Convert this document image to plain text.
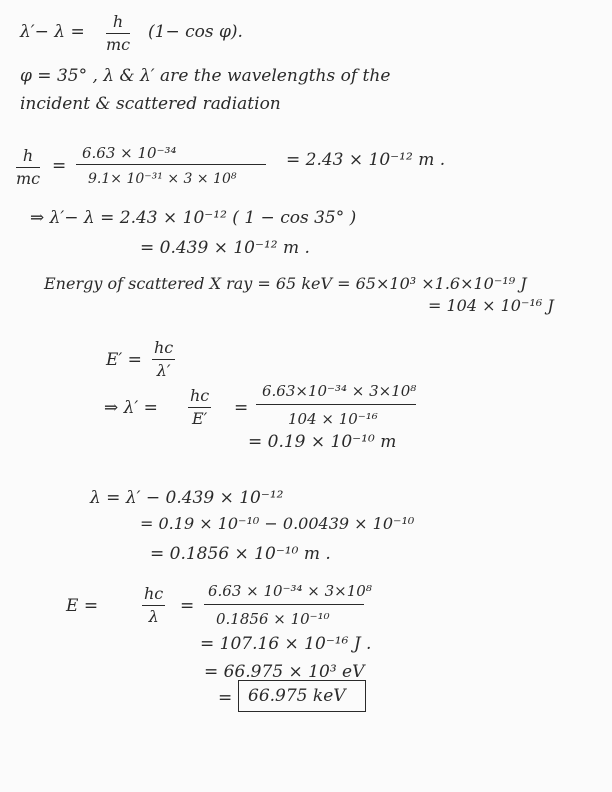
$\lambda'- \lambda = \frac{h}{mc} (1- \cos \varphi)$.
φ = 35° , λ & λ′ are the wavelengths of the
incident & scattered radiation
$\frac{h}{mc}$ =
6.63 × 10⁻³⁴
9.1× 10⁻³¹ × 3 × 10⁸
= 2.43 × 10⁻¹² m .
⇒ λ′− λ = 2.43 × 10⁻¹² ( 1 − cos 35° )
= 0.439 × 10⁻¹² m .
Energy of scattered X ray = 65 keV = 65×10³ ×1.6×10⁻¹⁹ J
= 104 × 10⁻¹⁶ J
$E' = \frac{hc}{\lambda'}$
⇒ $\lambda' = \frac{hc}{E'}$ =
6.63×10⁻³⁴ × 3×10⁸
104 × 10⁻¹⁶
= 0.19 × 10⁻¹⁰ m
λ = λ′ − 0.439 × 10⁻¹²
= 0.19 × 10⁻¹⁰ − 0.00439 × 10⁻¹⁰
= 0.1856 × 10⁻¹⁰ m .
E =	$\frac{hc}{\lambda}$ =
6.63 × 10⁻³⁴ × 3×10⁸
0.1856 × 10⁻¹⁰
= 107.16 × 10⁻¹⁶ J .
= 66.975 × 10³ eV
= 66.975 keV
